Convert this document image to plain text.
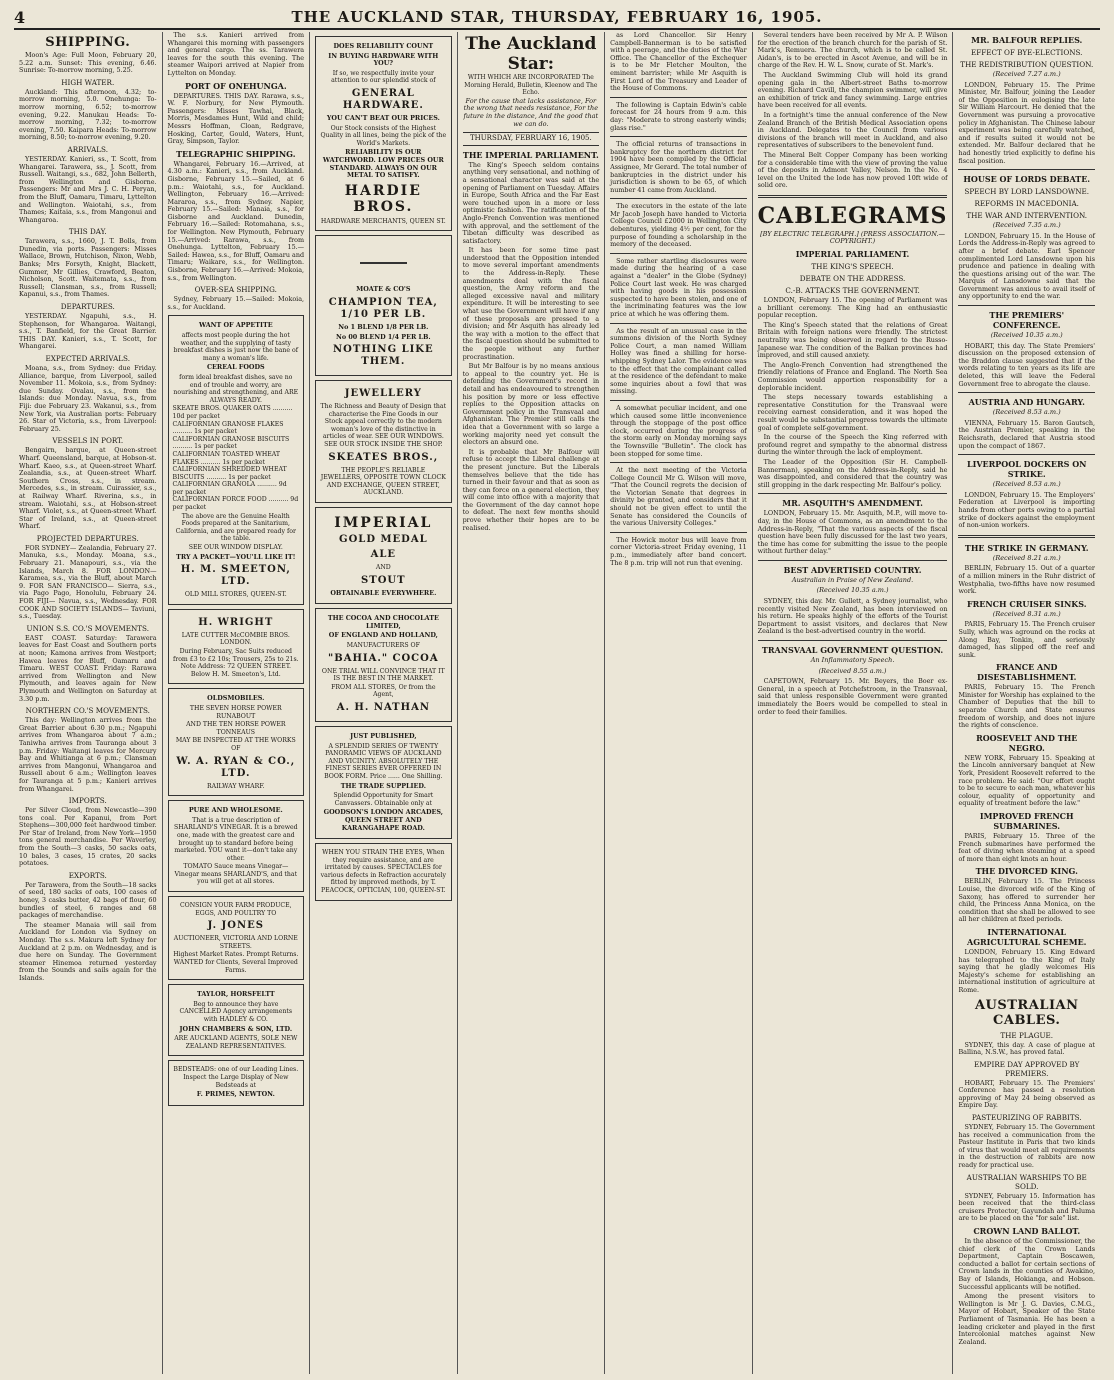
4	THE AUCKLAND STAR, THURSDAY, FEBRUARY 16, 1905.
SHIPPING.

Moon's Age: Full Moon, February 20, 5.22 a.m. Sunset: This evening, 6.46. Sunrise: To-morrow morning, 5.25.

HIGH WATER.

Auckland: This afternoon, 4.32; to-morrow morning, 5.0. Onehunga: To-morrow morning, 6.52; to-morrow evening, 9.22. Manukau Heads: To-morrow morning, 7.32; to-morrow evening, 7.50. Kaipara Heads: To-morrow morning, 8.50; to-morrow evening, 9.20.

ARRIVALS.

YESTERDAY. Kanieri, ss., T. Scott, from Whangarei. Tarawera, ss., J. Scott, from Russell. Waitangi, s.s., 682, John Bellerth, from Wellington and Gisborne. Passengers: Mr and Mrs J. C. H. Peryan, from the Bluff, Oamaru, Timaru, Lyttelton and Wellington. Waiotahi, s.s., from Thames; Kaitaia, s.s., from Mangonui and Whangaroa.

THIS DAY.

Tarawera, s.s., 1660, J. T. Bolls, from Dunedin, via ports. Passengers: Misses Wallace, Brown, Hutchison, Nixon, Webb, Banks; Mrs Forsyth, Knight, Blackett, Gummer, Mr Gillies, Crawford, Beaton, Nicholson, Scott. Waitemata, s.s., from Russell; Clansman, s.s., from Russell; Kapanui, s.s., from Thames.

DEPARTURES.

YESTERDAY. Ngapuhi, s.s., H. Stephenson, for Whangaroa. Waitangi, s.s., T. Banfield, for the Great Barrier. THIS DAY. Kanieri, s.s., T. Scott, for Whangarei.

EXPECTED ARRIVALS.

Moana, s.s., from Sydney: due Friday. Alliance, barque, from Liverpool, sailed November 11. Mokoia, s.s., from Sydney: due Sunday. Ovalau, s.s., from the Islands: due Monday. Navua, s.s., from Fiji: due February 23. Wakanui, s.s., from New York, via Australian ports: February 26. Star of Victoria, s.s., from Liverpool: February 25.

VESSELS IN PORT.

Bengairn, barque, at Queen-street Wharf. Queensland, barque, at Hobson-st. Wharf. Kaeo, s.s., at Queen-street Wharf. Zealandia, s.s., at Queen-street Wharf. Southern Cross, s.s., in stream. Mercedes, s.s., in stream. Cuirassier, s.s., at Railway Wharf. Riverina, s.s., in stream. Waiotahi, s.s., at Hobson-street Wharf. Violet, s.s., at Queen-street Wharf. Star of Ireland, s.s., at Queen-street Wharf.

PROJECTED DEPARTURES.

FOR SYDNEY— Zealandia, February 27. Manuka, s.s., Monday. Moana, s.s., February 21. Manapouri, s.s., via the Islands, March 8. FOR LONDON— Karamea, s.s., via the Bluff, about March 9. FOR SAN FRANCISCO— Sierra, s.s., via Pago Pago, Honolulu, February 24. FOR FIJI— Navua, s.s., Wednesday. FOR COOK AND SOCIETY ISLANDS— Taviuni, s.s., Tuesday.

UNION S.S. CO.'S MOVEMENTS.

EAST COAST. Saturday: Tarawera leaves for East Coast and Southern ports at noon; Kamona arrives from Westport; Hawea leaves for Bluff, Oamaru and Timaru. WEST COAST. Friday: Rarawa arrived from Wellington and New Plymouth, and leaves again for New Plymouth and Wellington on Saturday at 3.30 p.m.

NORTHERN CO.'S MOVEMENTS.

This day: Wellington arrives from the Great Barrier about 6.30 p.m.; Ngapuhi arrives from Whangaroa about 7 a.m.; Taniwha arrives from Tauranga about 3 p.m. Friday: Waitangi leaves for Mercury Bay and Whitianga at 6 p.m.; Clansman arrives from Mangonui, Whangaroa and Russell about 6 a.m.; Wellington leaves for Tauranga at 5 p.m.; Kanieri arrives from Whangarei.

IMPORTS.

Per Silver Cloud, from Newcastle—390 tons coal. Per Kapanui, from Port Stephens—300,000 feet hardwood timber. Per Star of Ireland, from New York—1950 tons general merchandise. Per Waverley, from the South—3 casks, 50 sacks oats, 10 bales, 3 cases, 15 crates, 20 sacks potatoes.

EXPORTS.

Per Tarawera, from the South—18 sacks of seed, 180 sacks of oats, 100 cases of honey, 3 casks butter, 42 bags of flour, 60 bundles of steel, 6 ranges and 68 packages of merchandise.

The steamer Manaia will sail from Auckland for London via Sydney on Monday. The s.s. Makura left Sydney for Auckland at 2 p.m. on Wednesday, and is due here on Sunday. The Government steamer Hinemoa returned yesterday from the Sounds and sails again for the Islands.

The s.s. Kanieri arrived from Whangarei this morning with passengers and general cargo. The ss. Tarawera leaves for the south this evening. The steamer Waipori arrived at Napier from Lyttelton on Monday.

PORT OF ONEHUNGA.

DEPARTURES. THIS DAY. Rarawa, s.s., W. F. Norbury, for New Plymouth. Passengers: Misses Tawhai, Black, Morris, Mesdames Hunt, Wild and child; Messrs Hoffman, Cloan, Redgrave, Hosking, Carter, Gould, Waters, Hunt, Gray, Simpson, Taylor.

TELEGRAPHIC SHIPPING.

Whangarei, February 16.—Arrived, at 4.30 a.m.: Kanieri, s.s., from Auckland. Gisborne, February 15.—Sailed, at 6 p.m.: Waiotahi, s.s., for Auckland. Wellington, February 16.—Arrived: Mararoa, s.s., from Sydney. Napier, February 15.—Sailed: Manaia, s.s., for Gisborne and Auckland. Dunedin, February 16.—Sailed: Rotomahana, s.s., for Wellington. New Plymouth, February 15.—Arrived: Rarawa, s.s., from Onehunga. Lyttelton, February 15.—Sailed: Hawea, s.s., for Bluff, Oamaru and Timaru; Waikare, s.s., for Wellington. Gisborne, February 16.—Arrived: Mokoia, s.s., from Wellington.

OVER-SEA SHIPPING.

Sydney, February 15.—Sailed: Mokoia, s.s., for Auckland.

WANT OF APPETITE
affects most people during the hot weather, and the supplying of tasty breakfast dishes is just now the bane of many a woman's life.
CEREAL FOODS
form ideal breakfast dishes, save no end of trouble and worry, are nourishing and strengthening, and ARE ALWAYS READY.
SKEATE BROS. QUAKER OATS .......... 10d per packet
CALIFORNIAN GRANOSE FLAKES .......... 1s per packet
CALIFORNIAN GRANOSE BISCUITS .......... 1s per packet
CALIFORNIAN TOASTED WHEAT FLAKES .......... 1s per packet
CALIFORNIAN SHREDDED WHEAT BISCUITS .......... 1s per packet
CALIFORNIAN GRANOLA .......... 9d per packet
CALIFORNIAN FORCE FOOD .......... 9d per packet
The above are the Genuine Health Foods prepared at the Sanitarium, California, and are prepared ready for the table.
SEE OUR WINDOW DISPLAY.
TRY A PACKET—YOU'LL LIKE IT!
H. M. SMEETON, LTD.
OLD MILL STORES, QUEEN-ST.
H. WRIGHT
LATE CUTTER McCOMBIE BROS. LONDON.
During February, Sac Suits reduced from £3 to £2 10s; Trousers, 25s to 21s. Note Address: 72 QUEEN STREET. Below H. M. Smeeton's, Ltd.
OLDSMOBILES.
THE SEVEN HORSE POWER RUNABOUT
AND THE TEN HORSE POWER TONNEAUS
MAY BE INSPECTED AT THE WORKS OF
W. A. RYAN & CO., LTD.
RAILWAY WHARF.
PURE AND WHOLESOME.
That is a true description of SHARLAND'S VINEGAR. It is a brewed one, made with the greatest care and brought up to standard before being marketed. YOU want it—don't take any other.
TOMATO Sauce means Vinegar—Vinegar means SHARLAND'S, and that you will get at all stores.
CONSIGN YOUR FARM PRODUCE, EGGS, AND POULTRY TO
J. JONES
AUCTIONEER, VICTORIA AND LORNE STREETS.
Highest Market Rates. Prompt Returns. WANTED for Clients, Several Improved Farms.
TAYLOR, HORSFELTT
Beg to announce they have CANCELLED Agency arrangements with HADLEY & CO.
JOHN CHAMBERS & SON, LTD.
ARE AUCKLAND AGENTS, SOLE NEW ZEALAND REPRESENTATIVES.
BEDSTEADS: one of our Leading Lines. Inspect the Large Display of New Bedsteads at
F. PRIMES, NEWTON.
DOES RELIABILITY COUNT
IN BUYING HARDWARE WITH YOU?
If so, we respectfully invite your attention to our splendid stock of
GENERAL HARDWARE.
YOU CAN'T BEAT OUR PRICES.
Our Stock consists of the Highest Quality in all lines, being the pick of the World's Markets.
RELIABILITY IS OUR WATCHWORD. LOW PRICES OUR STANDARD. ALWAYS ON OUR METAL TO SATISFY.
HARDIE BROS.
HARDWARE MERCHANTS, QUEEN ST.
MOATE & CO'S
CHAMPION TEA, 1/10 PER LB.
No 1 BLEND 1/8 PER LB.
No 00 BLEND 1/4 PER LB.
NOTHING LIKE THEM.
JEWELLERY
The Richness and Beauty of Design that characterise the Fine Goods in our Stock appeal correctly to the modern woman's love of the distinctive in articles of wear. SEE OUR WINDOWS. SEE OUR STOCK INSIDE THE SHOP.
SKEATES BROS.,
THE PEOPLE'S RELIABLE JEWELLERS, OPPOSITE TOWN CLOCK AND EXCHANGE, QUEEN STREET, AUCKLAND.
IMPERIAL
GOLD MEDAL
ALE
AND
STOUT
OBTAINABLE EVERYWHERE.
THE COCOA AND CHOCOLATE LIMITED,
OF ENGLAND AND HOLLAND,
MANUFACTURERS OF
"BAHIA." COCOA
ONE TRIAL WILL CONVINCE THAT IT IS THE BEST IN THE MARKET.
FROM ALL STORES, Or from the Agent,
A. H. NATHAN
JUST PUBLISHED,
A SPLENDID SERIES OF TWENTY PANORAMIC VIEWS OF AUCKLAND AND VICINITY. ABSOLUTELY THE FINEST SERIES EVER OFFERED IN BOOK FORM. Price ...... One Shilling.
THE TRADE SUPPLIED.
Splendid Opportunity for Smart Canvassers. Obtainable only at
GOODSON'S LONDON ARCADES, QUEEN STREET AND KARANGAHAPE ROAD.
WHEN YOU STRAIN THE EYES, When they require assistance, and are irritated by causes. SPECTACLES for various defects in Refraction accurately fitted by improved methods, by T. PEACOCK, OPTICIAN, 100, QUEEN-ST.
The Auckland Star:
WITH WHICH ARE INCORPORATED The Morning Herald, Bulletin, Kleenow and The Echo.
For the cause that lacks assistance, For the wrong that needs resistance, For the future in the distance, And the good that we can do.
THURSDAY, FEBRUARY 16, 1905.
THE IMPERIAL PARLIAMENT.

The King's Speech seldom contains anything very sensational, and nothing of a sensational character was said at the opening of Parliament on Tuesday. Affairs in Europe, South Africa and the Far East were touched upon in a more or less optimistic fashion. The ratification of the Anglo-French Convention was mentioned with approval, and the settlement of the Tibetan difficulty was described as satisfactory.

It has been for some time past understood that the Opposition intended to move several important amendments to the Address-in-Reply. These amendments deal with the fiscal question, the Army reform and the alleged excessive naval and military expenditure. It will be interesting to see what use the Government will have if any of these proposals are pressed to a division; and Mr Asquith has already led the way with a motion to the effect that the fiscal question should be submitted to the people without any further procrastination.

But Mr Balfour is by no means anxious to appeal to the country yet. He is defending the Government's record in detail and has endeavoured to strengthen his position by more or less effective replies to the Opposition attacks on Government policy in the Transvaal and Afghanistan. The Premier still calls the idea that a Government with so large a working majority need yet consult the electors an absurd one.

It is probable that Mr Balfour will refuse to accept the Liberal challenge at the present juncture. But the Liberals themselves believe that the tide has turned in their favour and that as soon as they can force on a general election, they will come into office with a majority that the Government of the day cannot hope to defeat. The next few months should prove whether their hopes are to be realised.

as Lord Chancellor. Sir Henry Campbell-Bannerman is to be satisfied with a peerage, and the duties of the War Office. The Chancellor of the Exchequer is to be Mr Fletcher Moulton, the eminent barrister; while Mr Asquith is First Lord of the Treasury and Leader of the House of Commons.

The following is Captain Edwin's cable forecast for 24 hours from 9 a.m. this day: "Moderate to strong easterly winds; glass rise."

The official returns of transactions in bankruptcy for the northern district for 1904 have been compiled by the Official Assignee, Mr Gerard. The total number of bankruptcies in the district under his jurisdiction is shown to be 65, of which number 41 came from Auckland.

The executors in the estate of the late Mr Jacob Joseph have handed to Victoria College Council £2000 in Wellington City debentures, yielding 4½ per cent, for the purpose of founding a scholarship in the memory of the deceased.

Some rather startling disclosures were made during the hearing of a case against a "dealer" in the Globe (Sydney) Police Court last week. He was charged with having goods in his possession suspected to have been stolen, and one of the incriminating features was the low price at which he was offering them.

As the result of an unusual case in the summons division of the North Sydney Police Court, a man named William Holley was fined a shilling for horse-whipping Sydney Lalor. The evidence was to the effect that the complainant called at the residence of the defendant to make some inquiries about a fowl that was missing.

A somewhat peculiar incident, and one which caused some little inconvenience through the stoppage of the post office clock, occurred during the progress of the storm early on Monday morning says the Townsville "Bulletin". The clock has been stopped for some time.

At the next meeting of the Victoria College Council Mr G. Wilson will move, "That the Council regrets the decision of the Victorian Senate that degrees in divinity be granted, and considers that it should not be given effect to until the Senate has considered the Councils of the various University Colleges."

The Howick motor bus will leave from corner Victoria-street Friday evening, 11 p.m., immediately after band concert. The 8 p.m. trip will not run that evening.

Several tenders have been received by Mr A. P. Wilson for the erection of the branch church for the parish of St. Mark's, Remuera. The church, which is to be called St. Aidan's, is to be erected in Ascot Avenue, and will be in charge of the Rev. H. W. L. Snow, curate of St. Mark's.

The Auckland Swimming Club will hold its grand opening gala in the Albert-street Baths to-morrow evening. Richard Cavill, the champion swimmer, will give an exhibition of trick and fancy swimming. Large entries have been received for all events.

In a fortnight's time the annual conference of the New Zealand Branch of the British Medical Association opens in Auckland. Delegates to the Council from various divisions of the branch will meet in Auckland, and also representatives of subscribers to the benevolent fund.

The Mineral Belt Copper Company has been working for a considerable time with the view of proving the value of the deposits in Admont Valley, Nelson. In the No. 4 level on the United the lode has now proved 10ft wide of solid ore.

CABLEGRAMS
[BY ELECTRIC TELEGRAPH.] (PRESS ASSOCIATION.—COPYRIGHT.)
IMPERIAL PARLIAMENT.
THE KING'S SPEECH.
DEBATE ON THE ADDRESS.
C.-B. ATTACKS THE GOVERNMENT.

LONDON, February 15. The opening of Parliament was a brilliant ceremony. The King had an enthusiastic popular reception.

The King's Speech stated that the relations of Great Britain with foreign nations were friendly. The strictest neutrality was being observed in regard to the Russo-Japanese war. The condition of the Balkan provinces had improved, and still caused anxiety.

The Anglo-French Convention had strengthened the friendly relations of France and England. The North Sea Commission would apportion responsibility for a deplorable incident.

The steps necessary towards establishing a representative Constitution for the Transvaal were receiving earnest consideration, and it was hoped the result would be substantial progress towards the ultimate goal of complete self-government.

In the course of the Speech the King referred with profound regret and sympathy to the abnormal distress during the winter through the lack of employment.

The Leader of the Opposition (Sir H. Campbell-Bannerman), speaking on the Address-in-Reply, said he was disappointed, and considered that the country was still gropping in the dark respecting Mr. Balfour's policy.

MR. ASQUITH'S AMENDMENT.

LONDON, February 15. Mr. Asquith, M.P., will move to-day, in the House of Commons, as an amendment to the Address-in-Reply, "That the various aspects of the fiscal question have been fully discussed for the last two years, the time has come for submitting the issue to the people without further delay."

BEST ADVERTISED COUNTRY.
Australian in Praise of New Zealand.
(Received 10.35 a.m.)

SYDNEY, this day. Mr. Gullett, a Sydney journalist, who recently visited New Zealand, has been interviewed on his return. He speaks highly of the efforts of the Tourist Department to assist visitors, and declares that New Zealand is the best-advertised country in the world.

TRANSVAAL GOVERNMENT QUESTION.
An Inflammatory Speech.
(Received 8.55 a.m.)

CAPETOWN, February 15. Mr. Beyers, the Boer ex-General, in a speech at Potchefstroom, in the Transvaal, said that unless responsible Government were granted immediately the Boers would be compelled to steal in order to feed their families.

MR. BALFOUR REPLIES.
EFFECT OF BYE-ELECTIONS.
THE REDISTRIBUTION QUESTION.
(Received 7.27 a.m.)

LONDON, February 15. The Prime Minister, Mr. Balfour, joining the Leader of the Opposition in eulogising the late Sir William Harcourt. He denied that the Government was pursuing a provocative policy in Afghanistan. The Chinese labour experiment was being carefully watched, and if results suited it would not be extended. Mr. Balfour declared that he had honestly tried explicitly to define his fiscal position.

HOUSE OF LORDS DEBATE.
SPEECH BY LORD LANSDOWNE.
REFORMS IN MACEDONIA.
THE WAR AND INTERVENTION.
(Received 7.35 a.m.)

LONDON, February 15. In the House of Lords the Address-in-Reply was agreed to after a brief debate. Earl Spencer complimented Lord Lansdowne upon his prudence and patience in dealing with the questions arising out of the war. The Marquis of Lansdowne said that the Government was anxious to avail itself of any opportunity to end the war.

THE PREMIERS' CONFERENCE.
(Received 10.35 a.m.)

HOBART, this day. The State Premiers' discussion on the proposed extension of the Braddon clause suggested that if the words relating to ten years as its life are deleted, this will leave the Federal Government free to abrogate the clause.

AUSTRIA AND HUNGARY.
(Received 8.53 a.m.)

VIENNA, February 15. Baron Gautsch, the Austrian Premier, speaking in the Reichsrath, declared that Austria stood upon the compact of 1867.

LIVERPOOL DOCKERS ON STRIKE.
(Received 8.53 a.m.)

LONDON, February 15. The Employers' Federation at Liverpool is importing hands from other ports owing to a partial strike of dockers against the employment of non-union workers.

THE STRIKE IN GERMANY.
(Received 8.21 a.m.)

BERLIN, February 15. Out of a quarter of a million miners in the Ruhr district of Westphalia, two-fifths have now resumed work.

FRENCH CRUISER SINKS.
(Received 8.31 a.m.)

PARIS, February 15. The French cruiser Sully, which was aground on the rocks at Along Bay, Tonkin, and seriously damaged, has slipped off the reef and sunk.

FRANCE AND DISESTABLISHMENT.

PARIS, February 15. The French Minister for Worship has explained to the Chamber of Deputies that the bill to separate Church and State ensures freedom of worship, and does not injure the rights of conscience.

ROOSEVELT AND THE NEGRO.

NEW YORK, February 15. Speaking at the Lincoln anniversary banquet at New York, President Roosevelt referred to the race problem. He said: "Our effort ought to be to secure to each man, whatever his colour, equality of opportunity and equality of treatment before the law."

IMPROVED FRENCH SUBMARINES.

PARIS, February 15. Three of the French submarines have performed the feat of diving when steaming at a speed of more than eight knots an hour.

THE DIVORCED KING.

BERLIN, February 15. The Princess Louise, the divorced wife of the King of Saxony, has offered to surrender her child, the Princess Anna Monica, on the condition that she shall be allowed to see all her children at fixed periods.

INTERNATIONAL AGRICULTURAL SCHEME.

LONDON, February 15. King Edward has telegraphed to the King of Italy saying that he gladly welcomes His Majesty's scheme for establishing an international institution of agriculture at Rome.

AUSTRALIAN CABLES.
THE PLAGUE.

SYDNEY, this day. A case of plague at Ballina, N.S.W., has proved fatal.

EMPIRE DAY APPROVED BY PREMIERS.

HOBART, February 15. The Premiers' Conference has passed a resolution approving of May 24 being observed as Empire Day.

PASTEURIZING OF RABBITS.

SYDNEY, February 15. The Government has received a communication from the Pasteur Institute in Paris that two kinds of virus that would meet all requirements in the destruction of rabbits are now ready for practical use.

AUSTRALIAN WARSHIPS TO BE SOLD.

SYDNEY, February 15. Information has been received that the third-class cruisers Protector, Gayundah and Paluma are to be placed on the "for sale" list.

CROWN LAND BALLOT.

In the absence of the Commissioner, the chief clerk of the Crown Lands Department, Captain Boscawen, conducted a ballot for certain sections of Crown lands in the counties of Awakino, Bay of Islands, Hokianga, and Hobson. Successful applicants will be notified.

Among the present visitors to Wellington is Mr J. G. Davies, C.M.G., Mayor of Hobart, Speaker of the State Parliament of Tasmania. He has been a leading cricketer and played in the first Intercolonial matches against New Zealand.
